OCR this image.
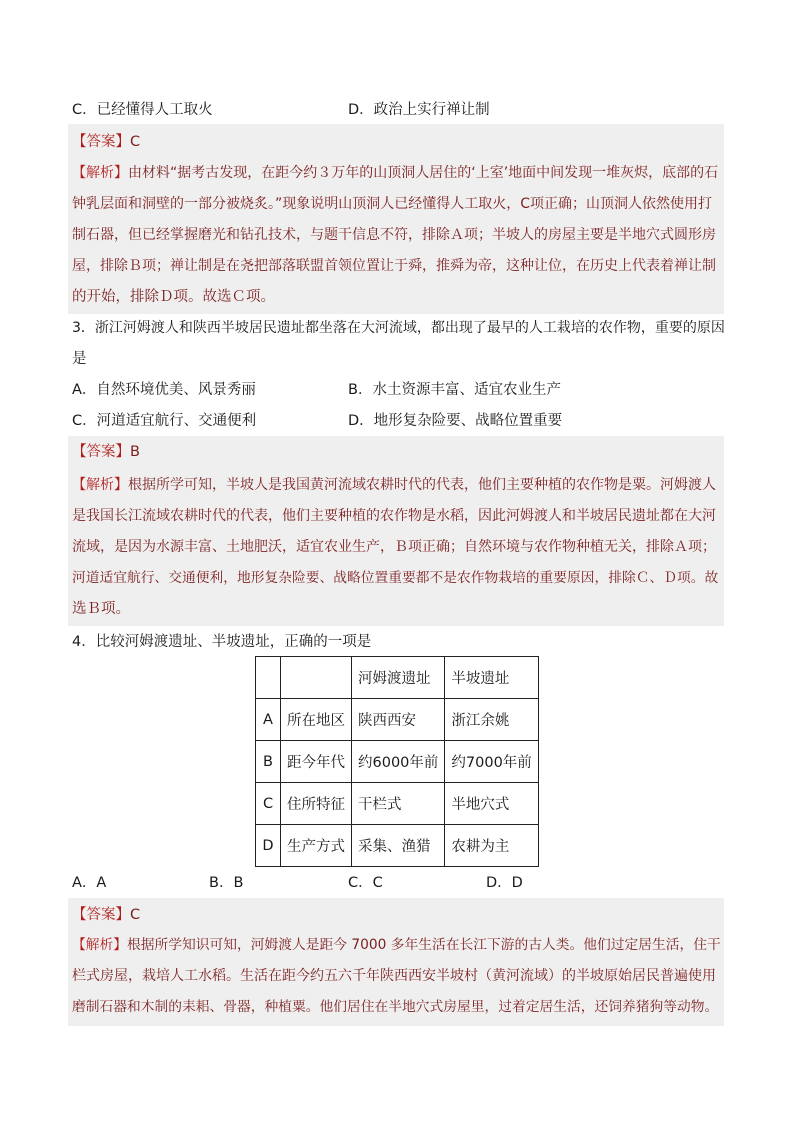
C．已经懂得人工取火	D．政治上实行禅让制
【答案】C
【解析】由材料“据考古发现，在距今约３万年的山顶洞人居住的‘上室’地面中间发现一堆灰烬，底部的石
钟乳层面和洞壁的一部分被烧炙。”现象说明山顶洞人已经懂得人工取火，C项正确；山顶洞人依然使用打
制石器，但已经掌握磨光和钻孔技术，与题干信息不符，排除Ａ项；半坡人的房屋主要是半地穴式圆形房
屋，排除Ｂ项；禅让制是在尧把部落联盟首领位置让于舜，推舜为帝，这种让位，在历史上代表着禅让制
的开始，排除Ｄ项。故选Ｃ项。
3．浙江河姆渡人和陕西半坡居民遗址都坐落在大河流域，都出现了最早的人工栽培的农作物，重要的原因
是
A．自然环境优美、风景秀丽	B．水土资源丰富、适宜农业生产
C．河道适宜航行、交通便利	D．地形复杂险要、战略位置重要
【答案】B
【解析】根据所学可知，半坡人是我国黄河流域农耕时代的代表，他们主要种植的农作物是粟。河姆渡人
是我国长江流域农耕时代的代表，他们主要种植的农作物是水稻，因此河姆渡人和半坡居民遗址都在大河
流域，是因为水源丰富、土地肥沃，适宜农业生产，Ｂ项正确；自然环境与农作物种植无关，排除Ａ项；
河道适宜航行、交通便利，地形复杂险要、战略位置重要都不是农作物栽培的重要原因，排除Ｃ、Ｄ项。故
选Ｂ项。
4．比较河姆渡遗址、半坡遗址，正确的一项是
		河姆渡遗址	半坡遗址
A	所在地区	陕西西安	浙江余姚
B	距今年代	约6000年前	约7000年前
C	住所特征	干栏式	半地穴式
D	生产方式	采集、渔猎	农耕为主
A．A	B．B	C．C	D．D
【答案】C
【解析】根据所学知识可知，河姆渡人是距今 7000 多年生活在长江下游的古人类。他们过定居生活，住干
栏式房屋，栽培人工水稻。生活在距今约五六千年陕西西安半坡村（黄河流域）的半坡原始居民普遍使用
磨制石器和木制的耒耜、骨器，种植粟。他们居住在半地穴式房屋里，过着定居生活，还饲养猪狗等动物。
